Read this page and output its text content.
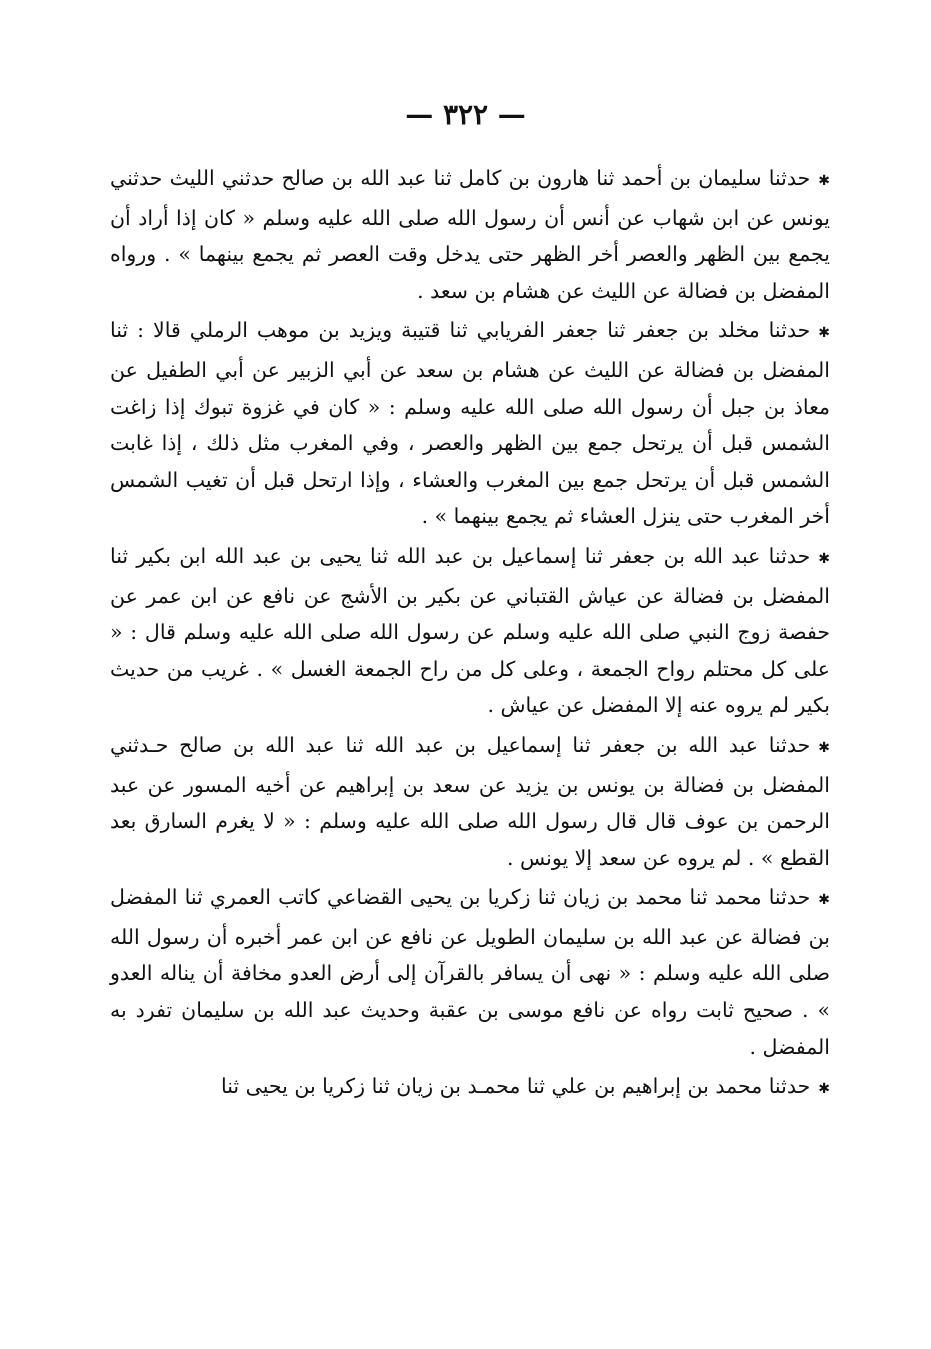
— ٣٢٢ —

✱حدثنا سليمان بن أحمد ثنا هارون بن كامل ثنا عبد الله بن صالح حدثني الليث حدثني يونس عن ابن شهاب عن أنس أن رسول الله صلى الله عليه وسلم « كان إذا أراد أن يجمع بين الظهر والعصر أخر الظهر حتى يدخل وقت العصر ثم يجمع بينهما » . ورواه المفضل بن فضالة عن الليث عن هشام بن سعد .

✱حدثنا مخلد بن جعفر ثنا جعفر الفريابي ثنا قتيبة ويزيد بن موهب الرملي قالا : ثنا المفضل بن فضالة عن الليث عن هشام بن سعد عن أبي الزبير عن أبي الطفيل عن معاذ بن جبل أن رسول الله صلى الله عليه وسلم : « كان في غزوة تبوك إذا زاغت الشمس قبل أن يرتحل جمع بين الظهر والعصر ، وفي المغرب مثل ذلك ، إذا غابت الشمس قبل أن يرتحل جمع بين المغرب والعشاء ، وإذا ارتحل قبل أن تغيب الشمس أخر المغرب حتى ينزل العشاء ثم يجمع بينهما » .

✱حدثنا عبد الله بن جعفر ثنا إسماعيل بن عبد الله ثنا يحيى بن عبد الله ابن بكير ثنا المفضل بن فضالة عن عياش القتباني عن بكير بن الأشج عن نافع عن ابن عمر عن حفصة زوج النبي صلى الله عليه وسلم عن رسول الله صلى الله عليه وسلم قال : « على كل محتلم رواح الجمعة ، وعلى كل من راح الجمعة الغسل » . غريب من حديث بكير لم يروه عنه إلا المفضل عن عياش .

✱حدثنا عبد الله بن جعفر ثنا إسماعيل بن عبد الله ثنا عبد الله بن صالح حـدثني المفضل بن فضالة بن يونس بن يزيد عن سعد بن إبراهيم عن أخيه المسور عن عبد الرحمن بن عوف قال قال رسول الله صلى الله عليه وسلم : « لا يغرم السارق بعد القطع » . لم يروه عن سعد إلا يونس .

✱حدثنا محمد ثنا محمد بن زيان ثنا زكريا بن يحيى القضاعي كاتب العمري ثنا المفضل بن فضالة عن عبد الله بن سليمان الطويل عن نافع عن ابن عمر أخبره أن رسول الله صلى الله عليه وسلم : « نهى أن يسافر بالقرآن إلى أرض العدو مخافة أن يناله العدو » . صحيح ثابت رواه عن نافع موسى بن عقبة وحديث عبد الله بن سليمان تفرد به المفضل .

✱حدثنا محمد بن إبراهيم بن علي ثنا محمـد بن زيان ثنا زكريا بن يحيى ثنا
